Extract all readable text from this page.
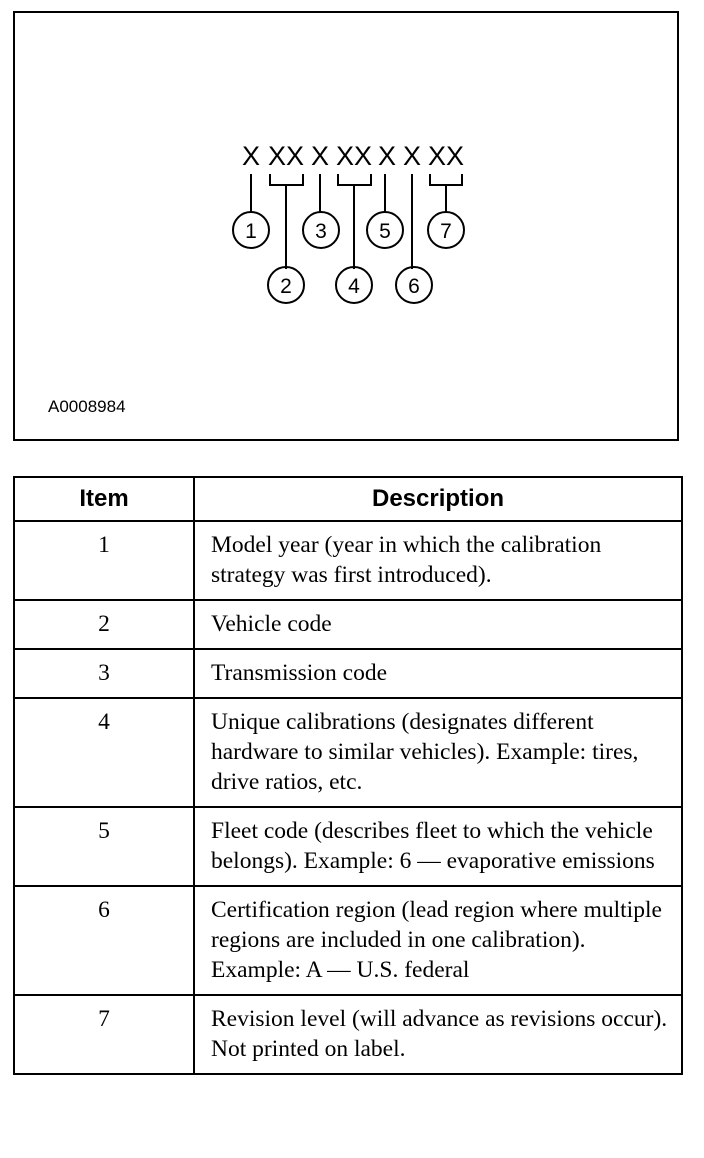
X XX X XX X X XX
1
2
3
4
5
6
7
A0008984
Item	Description
1	Model year (year in which the calibration strategy was first introduced).
2	Vehicle code
3	Transmission code
4	Unique calibrations (designates different hardware to similar vehicles). Example: tires, drive ratios, etc.
5	Fleet code (describes fleet to which the vehicle belongs). Example: 6 — evaporative emissions
6	Certification region (lead region where multiple regions are included in one calibration). Example: A — U.S. federal
7	Revision level (will advance as revisions occur). Not printed on label.
